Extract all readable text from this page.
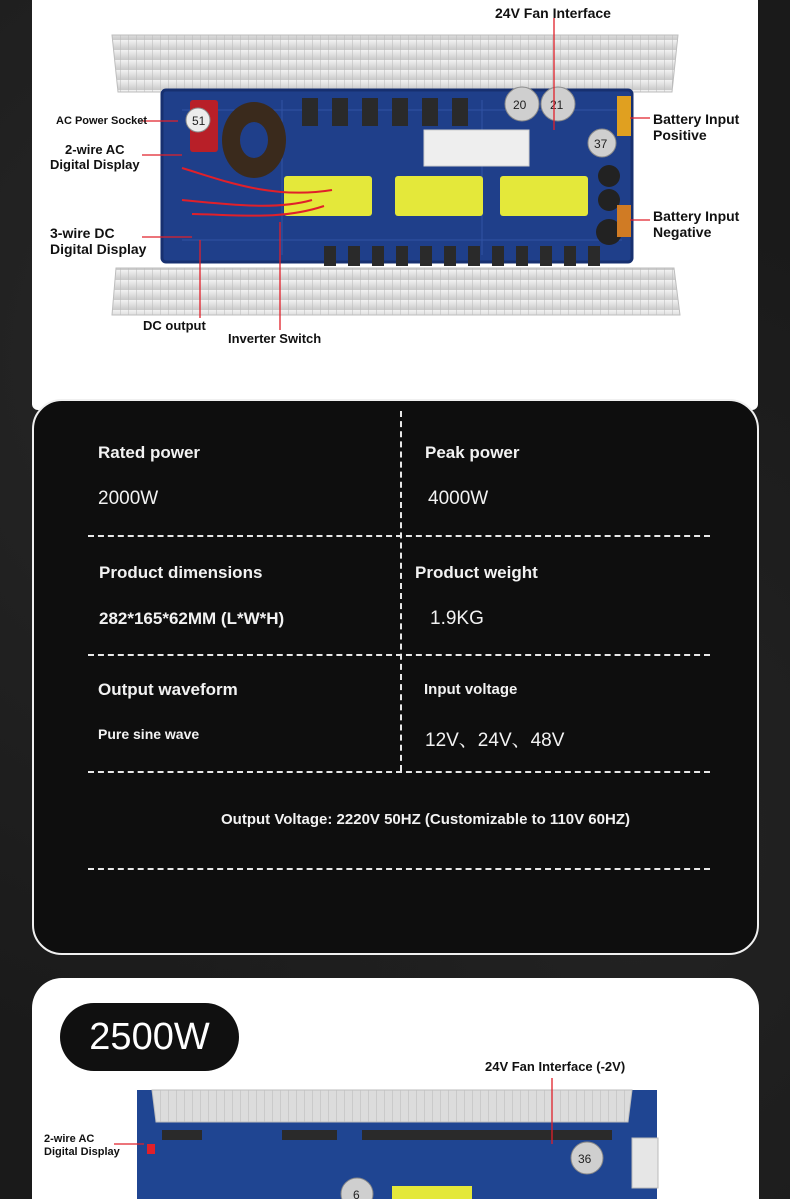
51
20 21
37
24V Fan Interface
AC Power Socket
2-wire AC
Digital Display
3-wire DC
Digital Display
DC output
Inverter Switch
Battery Input
Positive
Battery Input
Negative
Rated power
2000W
Peak power
4000W
Product dimensions
282*165*62MM (L*W*H)
Product weight
1.9KG
Output waveform
Pure sine wave
Input voltage
12V、24V、48V
Output Voltage: 2220V 50HZ (Customizable to 110V 60HZ)
2500W
24V Fan Interface (-2V)
2-wire AC
Digital Display
36
6
